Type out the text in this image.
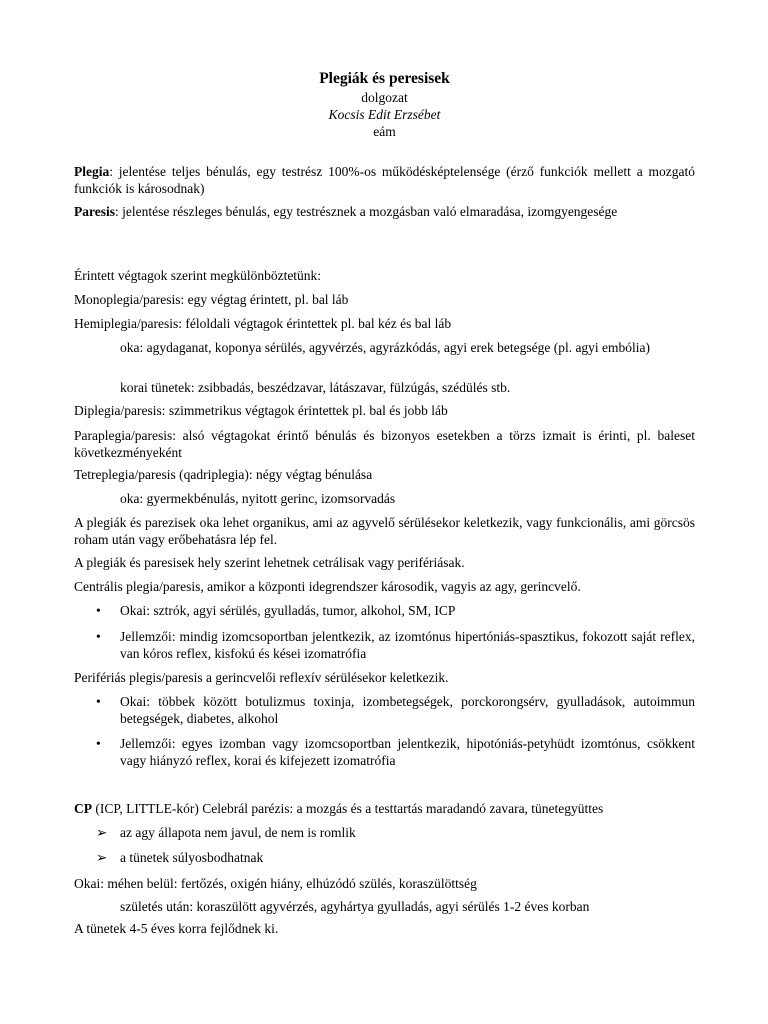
Plegiák és peresisek
dolgozat
Kocsis Edit Erzsébet
eám
Plegia: jelentése teljes bénulás, egy testrész 100%-os működésképtelensége (érző funkciók mellett a mozgató funkciók is károsodnak)
Paresis: jelentése részleges bénulás, egy testrésznek a mozgásban való elmaradása, izomgyengesége
Érintett végtagok szerint megkülönböztetünk:
Monoplegia/paresis: egy végtag érintett, pl. bal láb
Hemiplegia/paresis: féloldali végtagok érintettek pl. bal kéz és bal láb
oka: agydaganat, koponya sérülés, agyvérzés, agyrázkódás, agyi erek betegsége (pl. agyi embólia)
korai tünetek: zsibbadás, beszédzavar, látászavar, fülzúgás, szédülés stb.
Diplegia/paresis: szimmetrikus végtagok érintettek pl. bal és jobb láb
Paraplegia/paresis: alsó végtagokat érintő bénulás és bizonyos esetekben a törzs izmait is érinti, pl. baleset következményeként
Tetreplegia/paresis (qadriplegia): négy végtag bénulása
oka: gyermekbénulás, nyitott gerinc, izomsorvadás
A plegiák és parezisek oka lehet organikus, ami az agyvelő sérülésekor keletkezik, vagy funkcionális, ami görcsös roham után vagy erőbehatásra lép fel.
A plegiák és paresisek hely szerint lehetnek cetrálisak vagy perifériásak.
Centrális plegia/paresis, amikor a központi idegrendszer károsodik, vagyis az agy, gerincvelő.
•	Okai: sztrók, agyi sérülés, gyulladás, tumor, alkohol, SM, ICP
•	Jellemzői: mindig izomcsoportban jelentkezik, az izomtónus hipertóniás-spasztikus, fokozott saját reflex, van kóros reflex, kisfokú és kései izomatrófia
Perifériás plegis/paresis a gerincvelői reflexív sérülésekor keletkezik.
•	Okai: többek között botulizmus toxinja, izombetegségek, porckorongsérv, gyulladások, autoimmun betegségek, diabetes, alkohol
•	Jellemzői: egyes izomban vagy izomcsoportban jelentkezik, hipotóniás-petyhüdt izomtónus, csökkent vagy hiányzó reflex, korai és kifejezett izomatrófia
CP (ICP, LITTLE-kór) Celebrál parézis: a mozgás és a testtartás maradandó zavara, tünetegyüttes
➢ az agy állapota nem javul, de nem is romlik
➢ a tünetek súlyosbodhatnak
Okai: méhen belül: fertőzés, oxigén hiány, elhúzódó szülés, koraszülöttség
születés után: koraszülött agyvérzés, agyhártya gyulladás, agyi sérülés 1-2 éves korban
A tünetek 4-5 éves korra fejlődnek ki.
